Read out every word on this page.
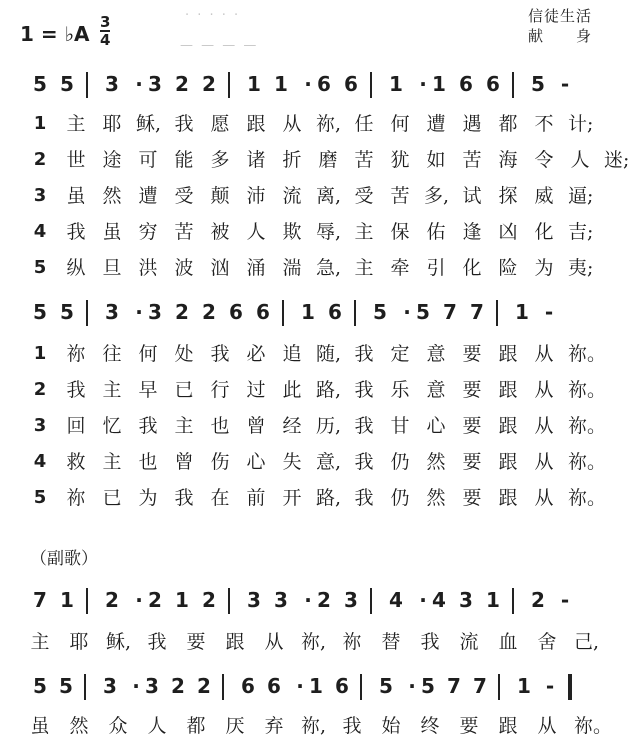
1 = ♭A 3
4
信徒生活
献　　身
· · · · ·
— — — —
5 5 3 · 3 2 2 1 1 · 6 6 1 · 1 6 6 5 -
1	主 耶 稣, 我 愿 跟 从 祢, 任 何 遭 遇 都 不 计;
2	世 途 可 能 多 诸 折 磨 苦 犹 如 苦 海 令 人 迷;
3	虽 然 遭 受 颠 沛 流 离, 受 苦 多, 试 探 威 逼;
4	我 虽 穷 苦 被 人 欺 辱, 主 保 佑 逢 凶 化 吉;
5	纵 旦 洪 波 汹 涌 湍 急, 主 牵 引 化 险 为 夷;
5 5 3 · 3 2 2 6 6 1 6 5 · 5 7 7 1 -
1	祢 往 何 处 我 必 追 随, 我 定 意 要 跟 从 祢。
2	我 主 早 已 行 过 此 路, 我 乐 意 要 跟 从 祢。
3	回 忆 我 主 也 曾 经 历, 我 甘 心 要 跟 从 祢。
4	救 主 也 曾 伤 心 失 意, 我 仍 然 要 跟 从 祢。
5	祢 已 为 我 在 前 开 路, 我 仍 然 要 跟 从 祢。
7 1 2 · 2 1 2 3 3 · 2 3 4 · 4 3 1 2 -
主 耶 稣, 我 要 跟 从 祢, 祢 替 我 流 血 舍 己,
5 5 3 · 3 2 2 6 6 · 1 6 5 · 5 7 7 1 -
虽 然 众 人 都 厌 弃 祢, 我 始 终 要 跟 从 祢。
（副歌）
